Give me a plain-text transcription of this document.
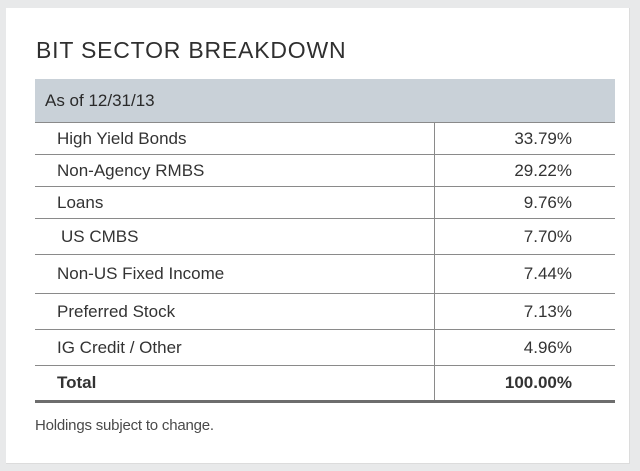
BIT SECTOR BREAKDOWN
As of 12/31/13
High Yield Bonds	33.79%
Non-Agency RMBS	29.22%
Loans	9.76%
US CMBS	7.70%
Non-US Fixed Income	7.44%
Preferred Stock	7.13%
IG Credit / Other	4.96%
Total	100.00%
Holdings subject to change.
